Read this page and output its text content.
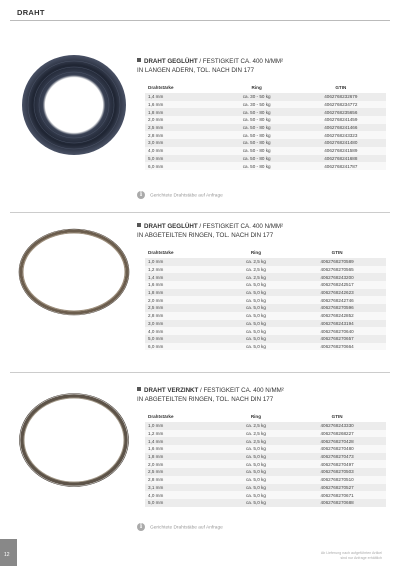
DRAHT
DRAHT GEGLÜHT / FESTIGKEIT CA. 400 N/MM²
IN LANGEN ADERN, TOL. NACH DIN 177
Drahtstärke	Ring	GTIN
1,4 mm	ca. 30 - 50 kg	4062768232679
1,6 mm	ca. 30 - 50 kg	4062768234772
1,8 mm	ca. 50 - 80 kg	4062768235656
2,0 mm	ca. 50 - 80 kg	4062768241459
2,5 mm	ca. 50 - 80 kg	4062768241466
2,8 mm	ca. 50 - 80 kg	4062768243323
3,0 mm	ca. 50 - 80 kg	4062768241480
4,0 mm	ca. 50 - 80 kg	4062768241589
5,0 mm	ca. 50 - 80 kg	4062768241688
6,0 mm	ca. 50 - 80 kg	4062768241787
i Gerichtete Drahtstäbe auf Anfrage
DRAHT GEGLÜHT / FESTIGKEIT CA. 400 N/MM²
IN ABGETEILTEN RINGEN, TOL. NACH DIN 177
Drahtstärke	Ring	GTIN
1,0 mm	ca. 2,5 kg	4062768270589
1,2 mm	ca. 2,5 kg	4062768270565
1,4 mm	ca. 2,5 kg	4062768243200
1,6 mm	ca. 5,0 kg	4062768242517
1,8 mm	ca. 5,0 kg	4062768242623
2,0 mm	ca. 5,0 kg	4062768242746
2,5 mm	ca. 5,0 kg	4062768270596
2,8 mm	ca. 5,0 kg	4062768242852
3,0 mm	ca. 5,0 kg	4062768243194
4,0 mm	ca. 5,0 kg	4062768270640
5,0 mm	ca. 5,0 kg	4062768270657
6,0 mm	ca. 5,0 kg	4062768270664
DRAHT VERZINKT / FESTIGKEIT CA. 400 N/MM²
IN ABGETEILTEN RINGEN, TOL. NACH DIN 177
Drahtstärke	Ring	GTIN
1,0 mm	ca. 2,5 kg	4062768243330
1,2 mm	ca. 2,5 kg	4062768268227
1,4 mm	ca. 2,5 kg	4062768270428
1,6 mm	ca. 5,0 kg	4062768270480
1,8 mm	ca. 5,0 kg	4062768270473
2,0 mm	ca. 5,0 kg	4062768270497
2,5 mm	ca. 5,0 kg	4062768270503
2,8 mm	ca. 5,0 kg	4062768270510
3,1 mm	ca. 5,0 kg	4062768270527
4,0 mm	ca. 5,0 kg	4062768270671
5,0 mm	ca. 5,0 kg	4062768270688
i Gerichtete Drahtstäbe auf Anfrage
12	Ab Lieferung nach aufgeführten Artikel
sind nur Anfrage erhältlich
